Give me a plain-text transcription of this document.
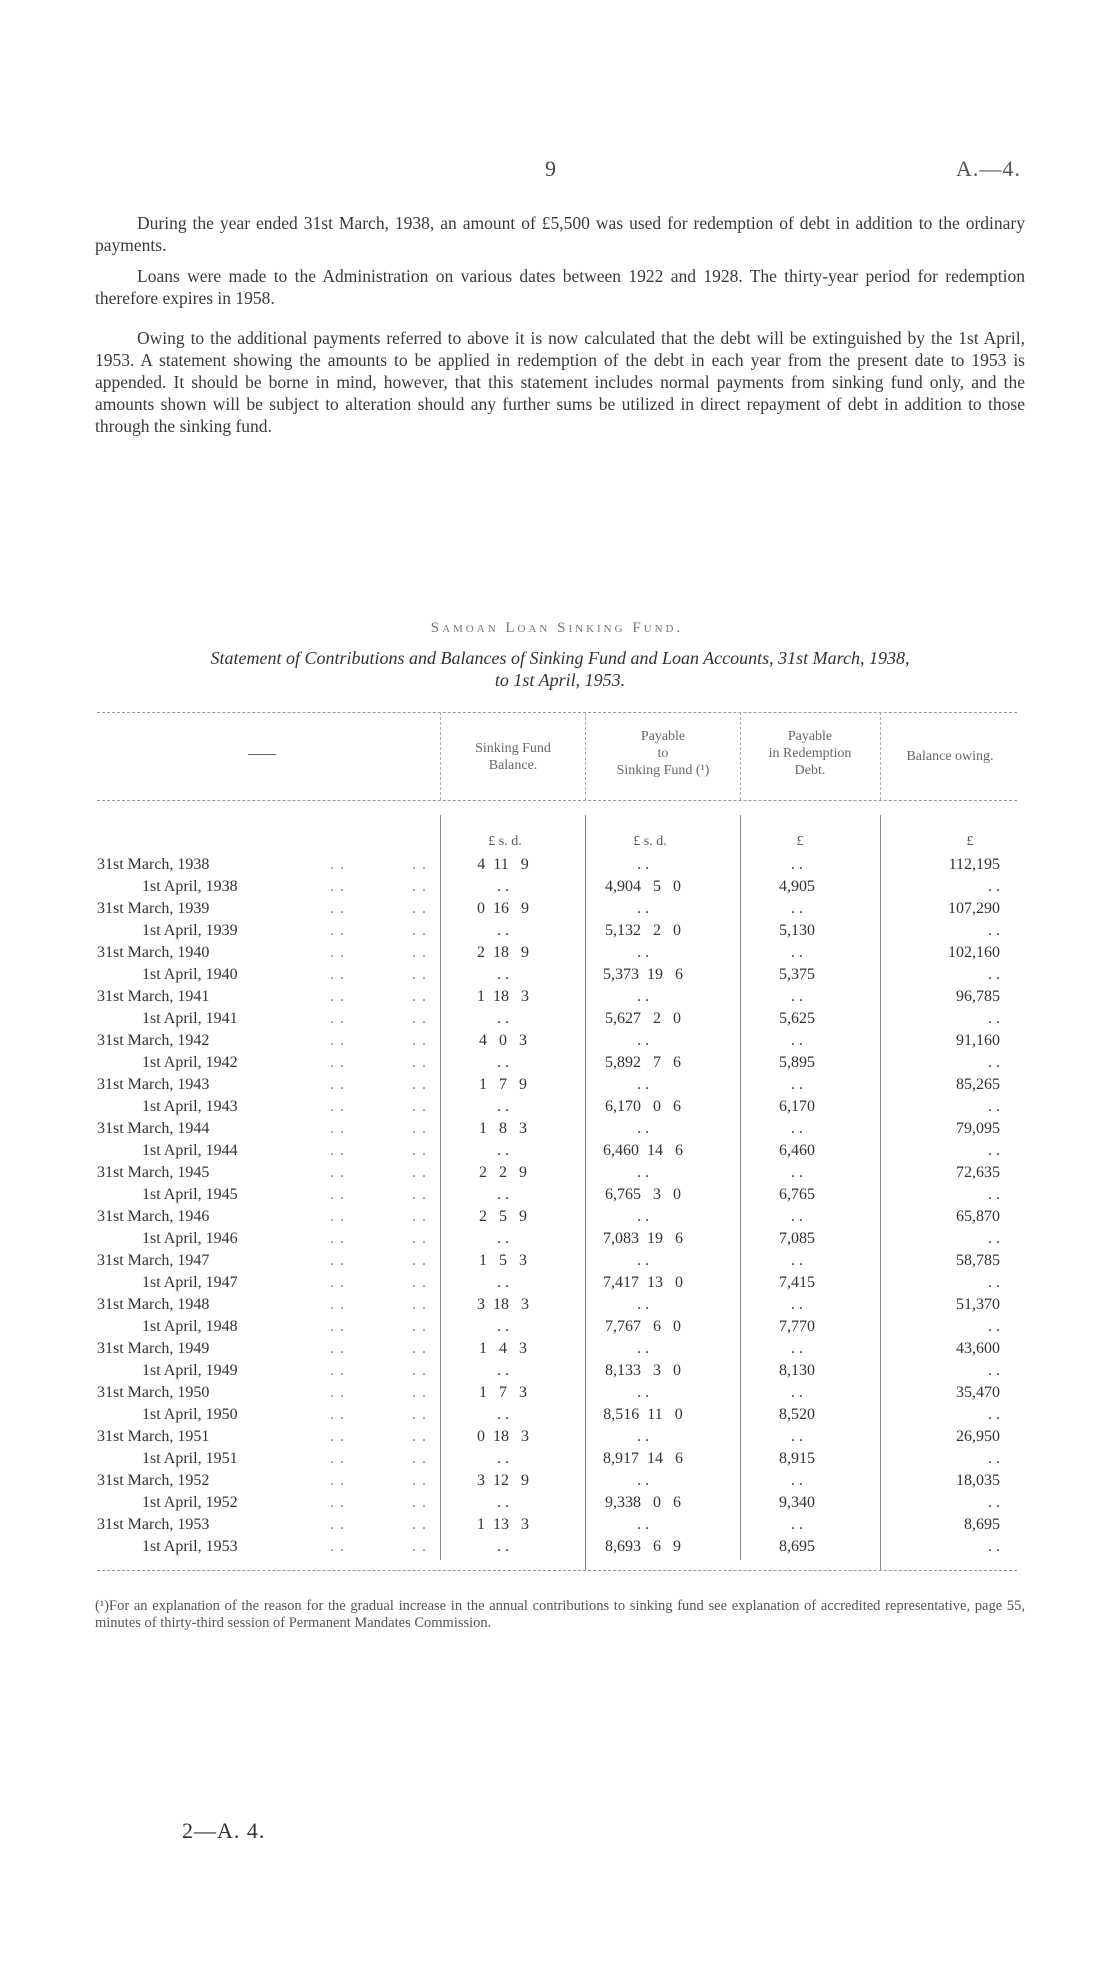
9	A.—4.

During the year ended 31st March, 1938, an amount of £5,500 was used for redemption of debt in addition to the ordinary payments.

Loans were made to the Administration on various dates between 1922 and 1928. The thirty-year period for redemption therefore expires in 1958.

Owing to the additional payments referred to above it is now calculated that the debt will be extinguished by the 1st April, 1953. A statement showing the amounts to be applied in redemption of the debt in each year from the present date to 1953 is appended. It should be borne in mind, however, that this statement includes normal payments from sinking fund only, and the amounts shown will be subject to alteration should any further sums be utilized in direct repayment of debt in addition to those through the sinking fund.

Samoan Loan Sinking Fund.
Statement of Contributions and Balances of Sinking Fund and Loan Accounts, 31st March, 1938,
to 1st April, 1953.
Sinking Fund
Balance.
Payable
to
Sinking Fund (¹)
Payable
in Redemption
Debt.
Balance owing.
£ s. d.	£ s. d.	£	£
31st March, 1938	. .	. .	4  11   9	. .	. .	112,195
1st April, 1938	. .	. .	. .	4,904   5   0	4,905	. .
31st March, 1939	. .	. .	0  16   9	. .	. .	107,290
1st April, 1939	. .	. .	. .	5,132   2   0	5,130	. .
31st March, 1940	. .	. .	2  18   9	. .	. .	102,160
1st April, 1940	. .	. .	. .	5,373  19   6	5,375	. .
31st March, 1941	. .	. .	1  18   3	. .	. .	96,785
1st April, 1941	. .	. .	. .	5,627   2   0	5,625	. .
31st March, 1942	. .	. .	4   0   3	. .	. .	91,160
1st April, 1942	. .	. .	. .	5,892   7   6	5,895	. .
31st March, 1943	. .	. .	1   7   9	. .	. .	85,265
1st April, 1943	. .	. .	. .	6,170   0   6	6,170	. .
31st March, 1944	. .	. .	1   8   3	. .	. .	79,095
1st April, 1944	. .	. .	. .	6,460  14   6	6,460	. .
31st March, 1945	. .	. .	2   2   9	. .	. .	72,635
1st April, 1945	. .	. .	. .	6,765   3   0	6,765	. .
31st March, 1946	. .	. .	2   5   9	. .	. .	65,870
1st April, 1946	. .	. .	. .	7,083  19   6	7,085	. .
31st March, 1947	. .	. .	1   5   3	. .	. .	58,785
1st April, 1947	. .	. .	. .	7,417  13   0	7,415	. .
31st March, 1948	. .	. .	3  18   3	. .	. .	51,370
1st April, 1948	. .	. .	. .	7,767   6   0	7,770	. .
31st March, 1949	. .	. .	1   4   3	. .	. .	43,600
1st April, 1949	. .	. .	. .	8,133   3   0	8,130	. .
31st March, 1950	. .	. .	1   7   3	. .	. .	35,470
1st April, 1950	. .	. .	. .	8,516  11   0	8,520	. .
31st March, 1951	. .	. .	0  18   3	. .	. .	26,950
1st April, 1951	. .	. .	. .	8,917  14   6	8,915	. .
31st March, 1952	. .	. .	3  12   9	. .	. .	18,035
1st April, 1952	. .	. .	. .	9,338   0   6	9,340	. .
31st March, 1953	. .	. .	1  13   3	. .	. .	8,695
1st April, 1953	. .	. .	. .	8,693   6   9	8,695	. .

(¹)For an explanation of the reason for the gradual increase in the annual contributions to sinking fund see explanation of accredited representative, page 55, minutes of thirty-third session of Permanent Mandates Commission.

2—A. 4.
